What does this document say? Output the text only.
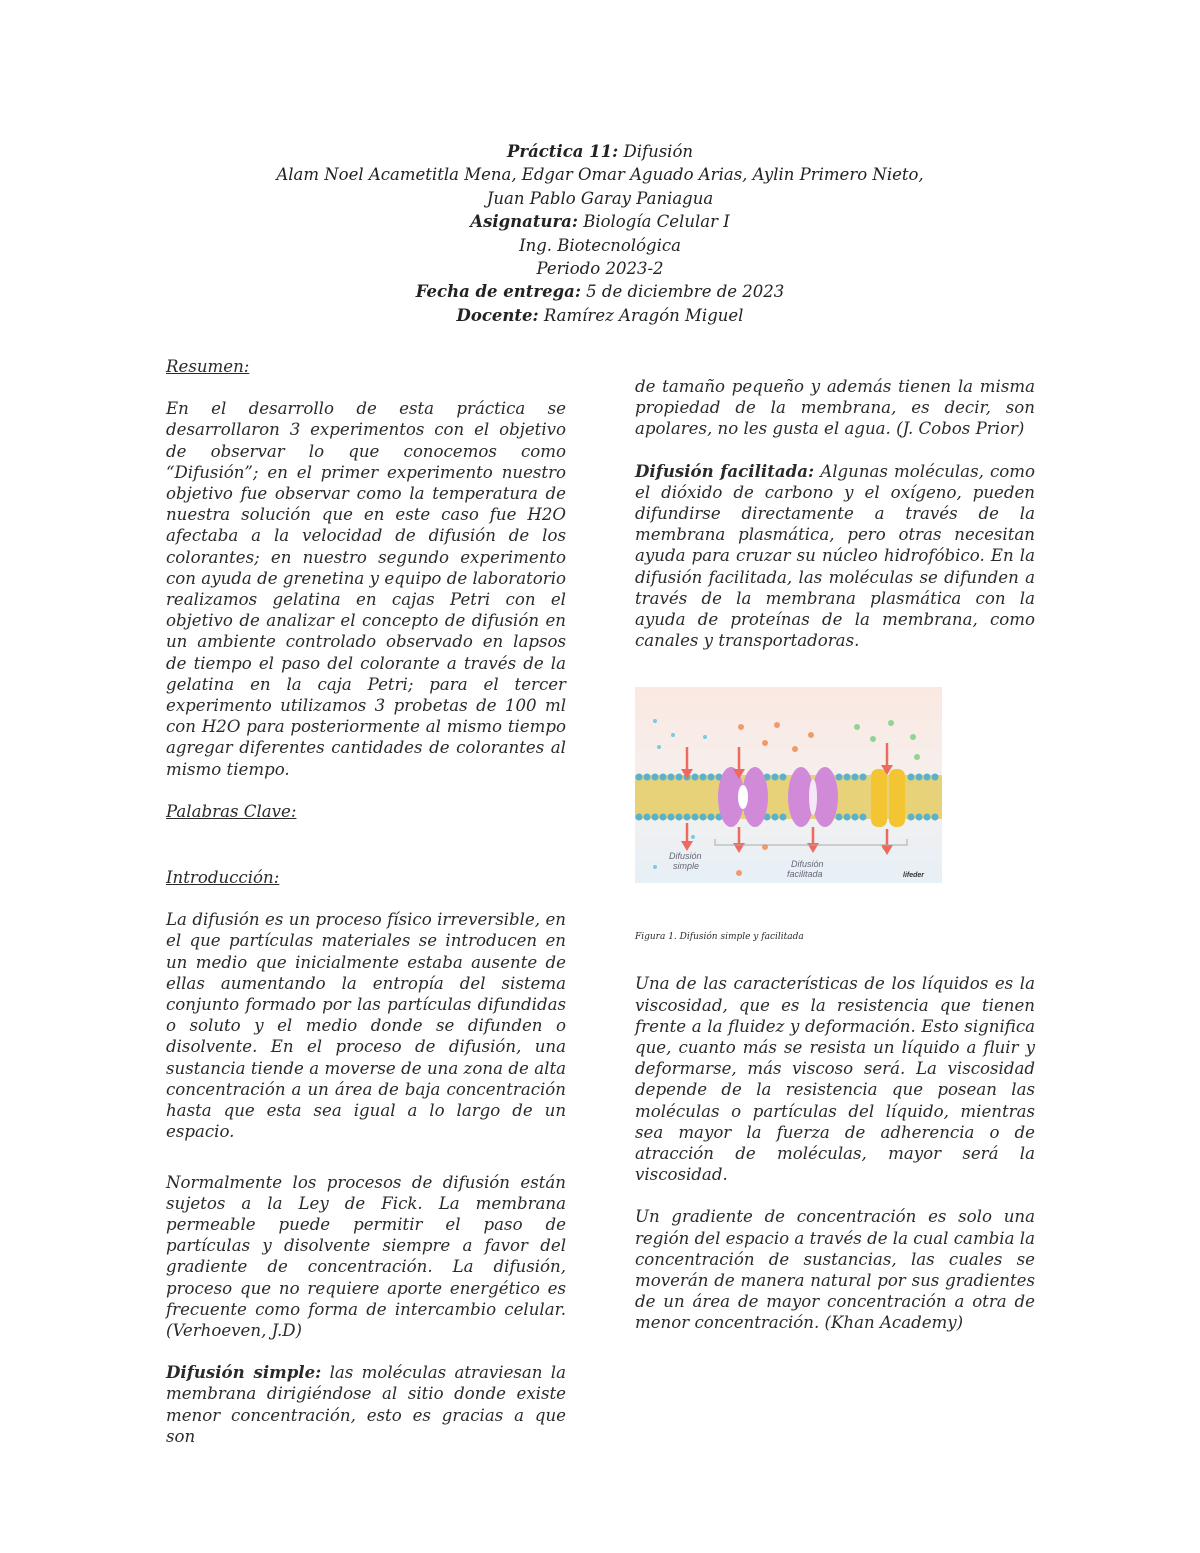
Práctica 11: Difusión
Alam Noel Acametitla Mena, Edgar Omar Aguado Arias, Aylin Primero Nieto,
Juan Pablo Garay Paniagua
Asignatura: Biología Celular I
Ing. Biotecnológica
Periodo 2023-2
Fecha de entrega: 5 de diciembre de 2023
Docente: Ramírez Aragón Miguel
Resumen:

En el desarrollo de esta práctica se desarrollaron 3 experimentos con el objetivo de observar lo que conocemos como “Difusión”; en el primer experimento nuestro objetivo fue observar como la temperatura de nuestra solución que en este caso fue H2O afectaba a la velocidad de difusión de los colorantes; en nuestro segundo experimento con ayuda de grenetina y equipo de laboratorio realizamos gelatina en cajas Petri con el objetivo de analizar el concepto de difusión en un ambiente controlado observado en lapsos de tiempo el paso del colorante a través de la gelatina en la caja Petri; para el tercer experimento utilizamos 3 probetas de 100 ml con H2O para posteriormente al mismo tiempo agregar diferentes cantidades de colorantes al mismo tiempo.

Palabras Clave:
Introducción:

La difusión es un proceso físico irreversible, en el que partículas materiales se introducen en un medio que inicialmente estaba ausente de ellas aumentando la entropía del sistema conjunto formado por las partículas difundidas o soluto y el medio donde se difunden o disolvente. En el proceso de difusión, una sustancia tiende a moverse de una zona de alta concentración a un área de baja concentración hasta que esta sea igual a lo largo de un espacio.

Normalmente los procesos de difusión están sujetos a la Ley de Fick. La membrana permeable puede permitir el paso de partículas y disolvente siempre a favor del gradiente de concentración. La difusión, proceso que no requiere aporte energético es frecuente como forma de intercambio celular. (Verhoeven, J.D)

Difusión simple: las moléculas atraviesan la membrana dirigiéndose al sitio donde existe menor concentración, esto es gracias a que son

de tamaño pequeño y además tienen la misma propiedad de la membrana, es decir, son apolares, no les gusta el agua. (J. Cobos Prior)

Difusión facilitada: Algunas moléculas, como el dióxido de carbono y el oxígeno, pueden difundirse directamente a través de la membrana plasmática, pero otras necesitan ayuda para cruzar su núcleo hidrofóbico. En la difusión facilitada, las moléculas se difunden a través de la membrana plasmática con la ayuda de proteínas de la membrana, como canales y transportadoras.

Difusión
simple	Difusión
facilitada	lifeder
Figura 1. Difusión simple y facilitada

Una de las características de los líquidos es la viscosidad, que es la resistencia que tienen frente a la fluidez y deformación. Esto significa que, cuanto más se resista un líquido a fluir y deformarse, más viscoso será. La viscosidad depende de la resistencia que posean las moléculas o partículas del líquido, mientras sea mayor la fuerza de adherencia o de atracción de moléculas, mayor será la viscosidad.

Un gradiente de concentración es solo una región del espacio a través de la cual cambia la concentración de sustancias, las cuales se moverán de manera natural por sus gradientes de un área de mayor concentración a otra de menor concentración. (Khan Academy)
